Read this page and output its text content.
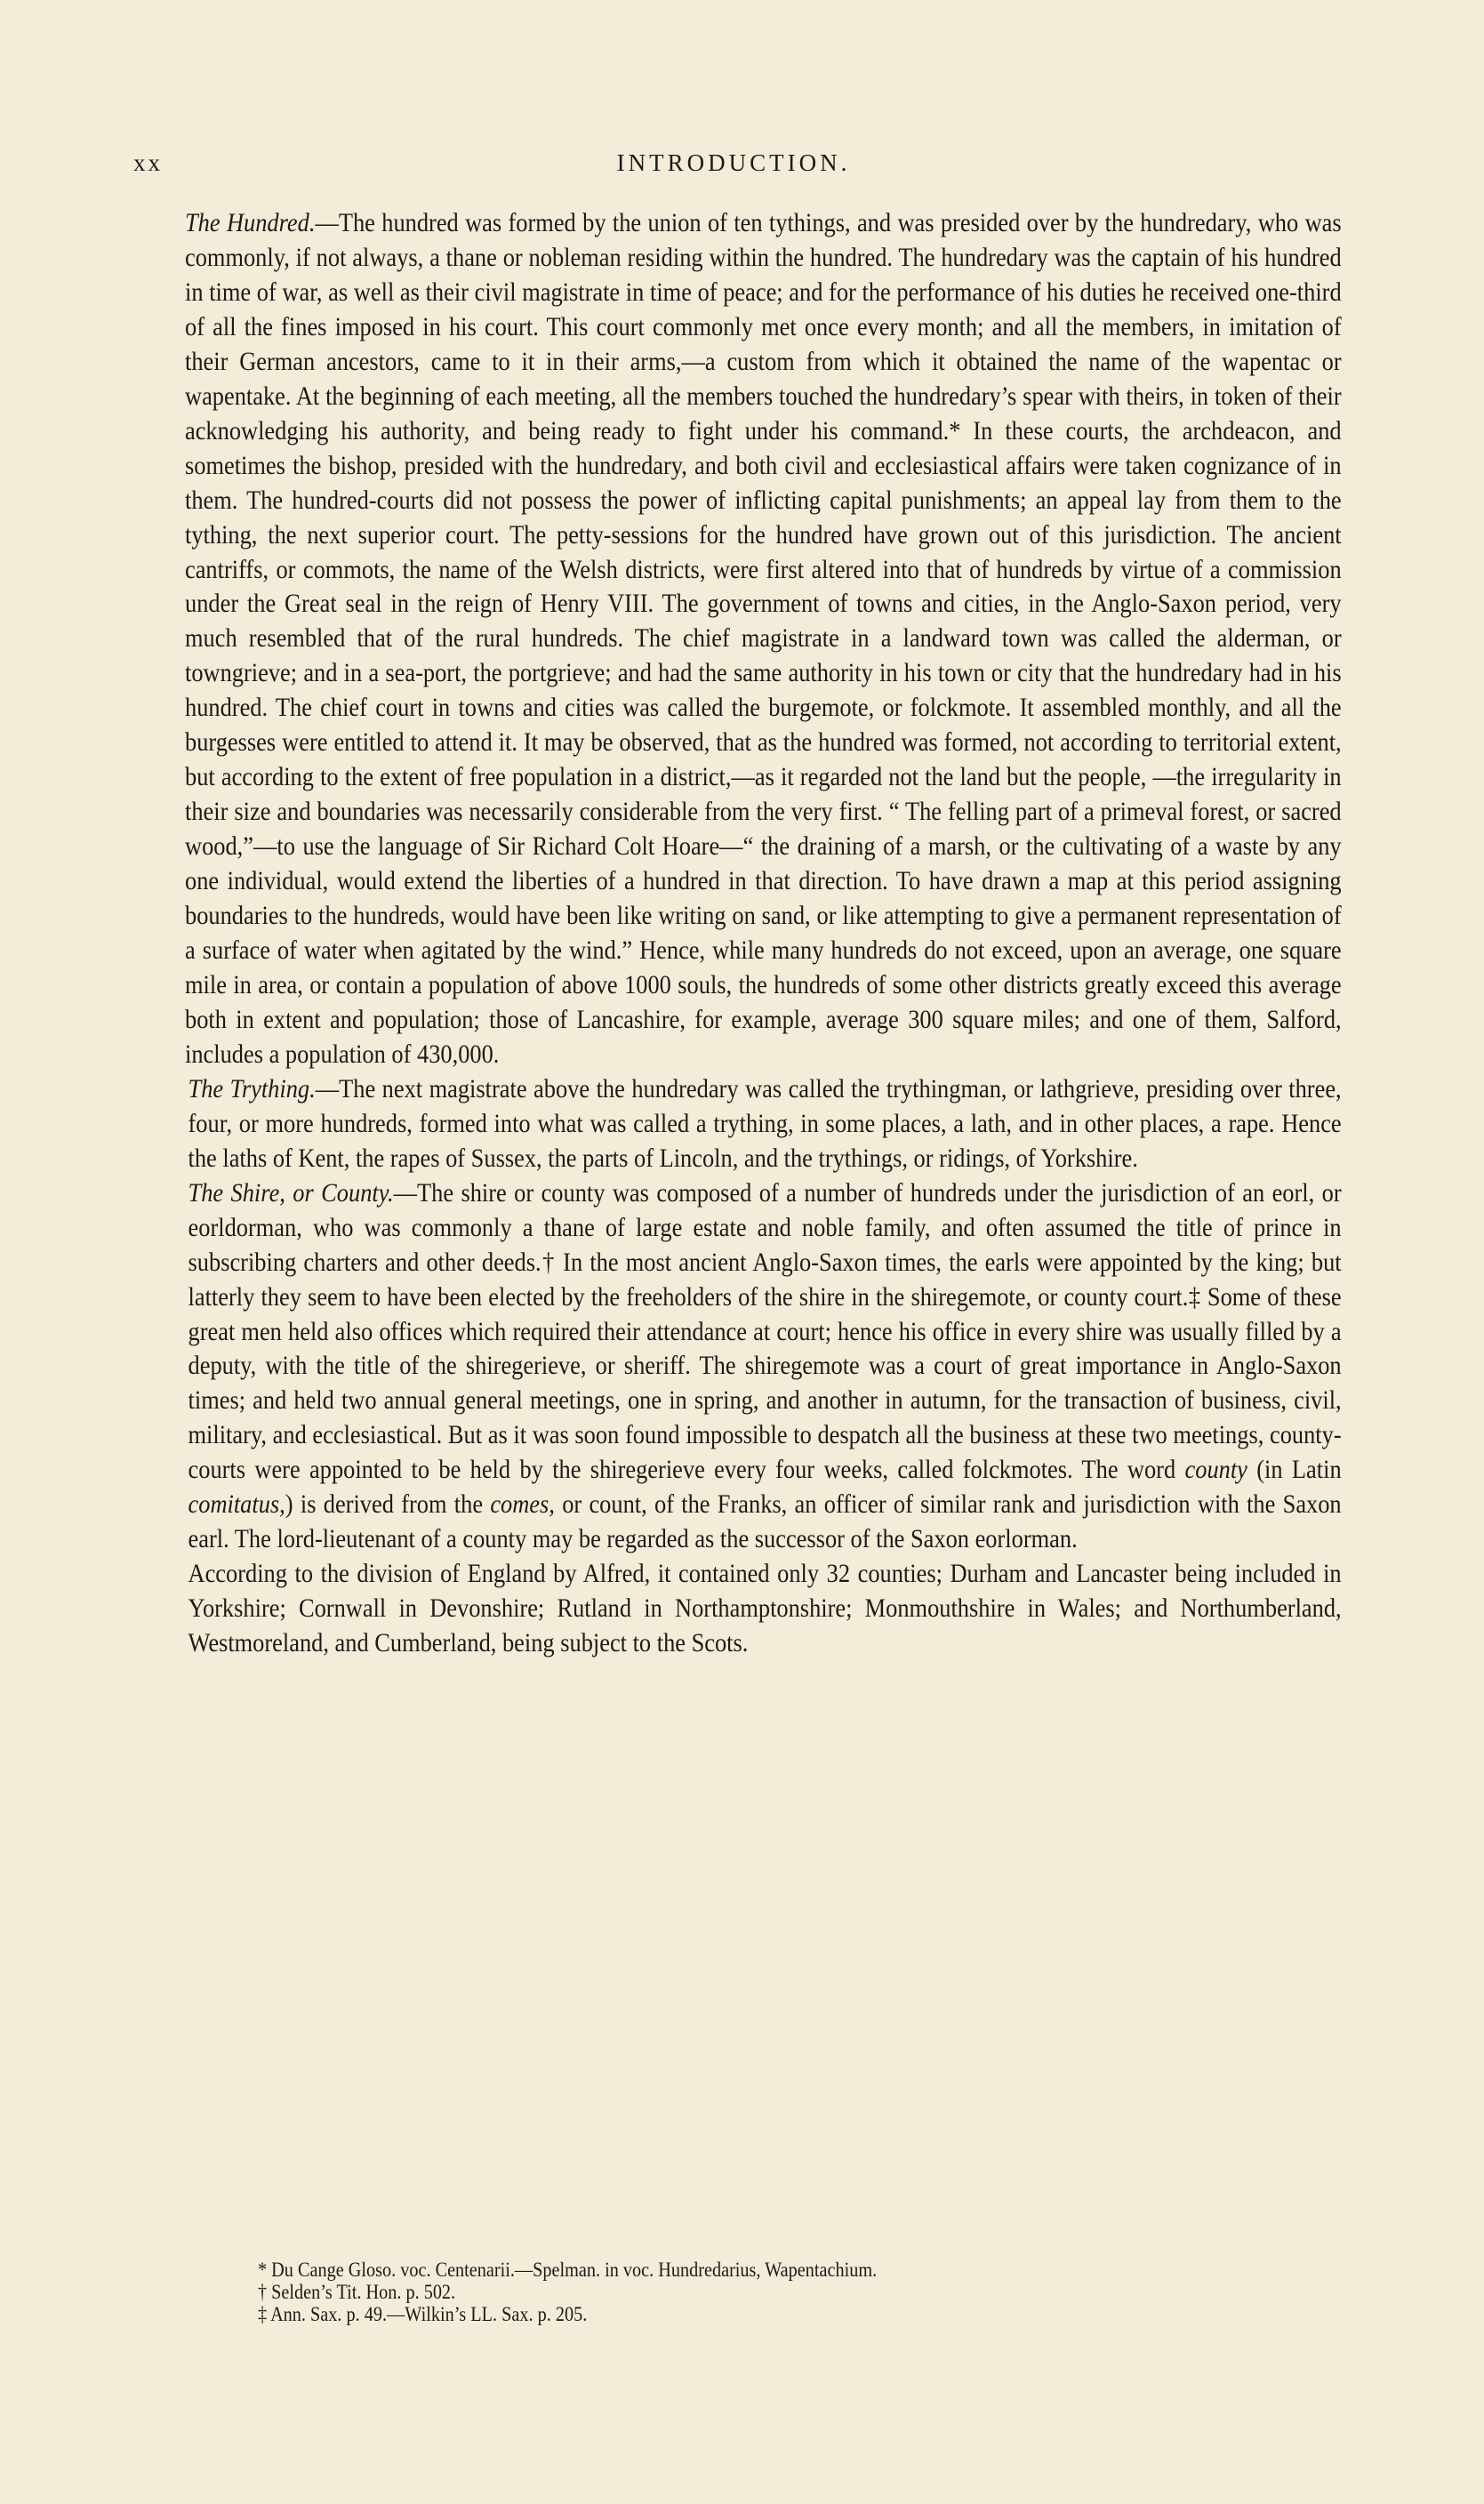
xx	INTRODUCTION.

The Hundred.—The hundred was formed by the union of ten tythings, and was presided over by the hundredary, who was commonly, if not always, a thane or nobleman residing within the hundred. The hundredary was the captain of his hundred in time of war, as well as their civil magistrate in time of peace; and for the performance of his duties he received one-third of all the fines imposed in his court. This court commonly met once every month; and all the members, in imitation of their German ancestors, came to it in their arms,—a custom from which it obtained the name of the wapentac or wapentake. At the beginning of each meeting, all the members touched the hundredary’s spear with theirs, in token of their acknowledging his authority, and being ready to fight under his command.* In these courts, the archdeacon, and sometimes the bishop, presided with the hundredary, and both civil and ecclesiastical affairs were taken cognizance of in them. The hundred-courts did not possess the power of inflicting capital punishments; an appeal lay from them to the tything, the next superior court. The petty-sessions for the hundred have grown out of this jurisdiction. The ancient cantriffs, or commots, the name of the Welsh districts, were first altered into that of hundreds by virtue of a commission under the Great seal in the reign of Henry VIII. The government of towns and cities, in the Anglo-Saxon period, very much resembled that of the rural hundreds. The chief magistrate in a landward town was called the alderman, or towngrieve; and in a sea-port, the portgrieve; and had the same authority in his town or city that the hundredary had in his hundred. The chief court in towns and cities was called the burgemote, or folckmote. It assembled monthly, and all the burgesses were entitled to attend it. It may be observed, that as the hundred was formed, not according to territorial extent, but according to the extent of free population in a district,—as it regarded not the land but the people, —the irregularity in their size and boundaries was necessarily considerable from the very first. “ The felling part of a primeval forest, or sacred wood,”—to use the language of Sir Richard Colt Hoare—“ the draining of a marsh, or the cultivating of a waste by any one individual, would extend the liberties of a hundred in that direction. To have drawn a map at this period assigning boundaries to the hundreds, would have been like writing on sand, or like attempting to give a permanent representation of a surface of water when agitated by the wind.” Hence, while many hundreds do not exceed, upon an average, one square mile in area, or contain a population of above 1000 souls, the hundreds of some other districts greatly exceed this average both in extent and population; those of Lancashire, for example, average 300 square miles; and one of them, Salford, includes a population of 430,000.

The Trything.—The next magistrate above the hundredary was called the trythingman, or lathgrieve, presiding over three, four, or more hundreds, formed into what was called a trything, in some places, a lath, and in other places, a rape. Hence the laths of Kent, the rapes of Sussex, the parts of Lincoln, and the trythings, or ridings, of Yorkshire.

The Shire, or County.—The shire or county was composed of a number of hundreds under the jurisdiction of an eorl, or eorldorman, who was commonly a thane of large estate and noble family, and often assumed the title of prince in subscribing charters and other deeds.† In the most ancient Anglo-Saxon times, the earls were appointed by the king; but latterly they seem to have been elected by the freeholders of the shire in the shiregemote, or county court.‡ Some of these great men held also offices which required their attendance at court; hence his office in every shire was usually filled by a deputy, with the title of the shiregerieve, or sheriff. The shiregemote was a court of great importance in Anglo-Saxon times; and held two annual general meetings, one in spring, and another in autumn, for the transaction of business, civil, military, and ecclesiastical. But as it was soon found impossible to despatch all the business at these two meetings, county-courts were appointed to be held by the shiregerieve every four weeks, called folckmotes. The word county (in Latin comitatus,) is derived from the comes, or count, of the Franks, an officer of similar rank and jurisdiction with the Saxon earl. The lord-lieutenant of a county may be regarded as the successor of the Saxon eorlorman.

According to the division of England by Alfred, it contained only 32 counties; Durham and Lancaster being included in Yorkshire; Cornwall in Devonshire; Rutland in Northamptonshire; Monmouthshire in Wales; and Northumberland, Westmoreland, and Cumberland, being subject to the Scots.

* Du Cange Gloso. voc. Centenarii.—Spelman. in voc. Hundredarius, Wapentachium.
† Selden’s Tit. Hon. p. 502.
‡ Ann. Sax. p. 49.—Wilkin’s LL. Sax. p. 205.
